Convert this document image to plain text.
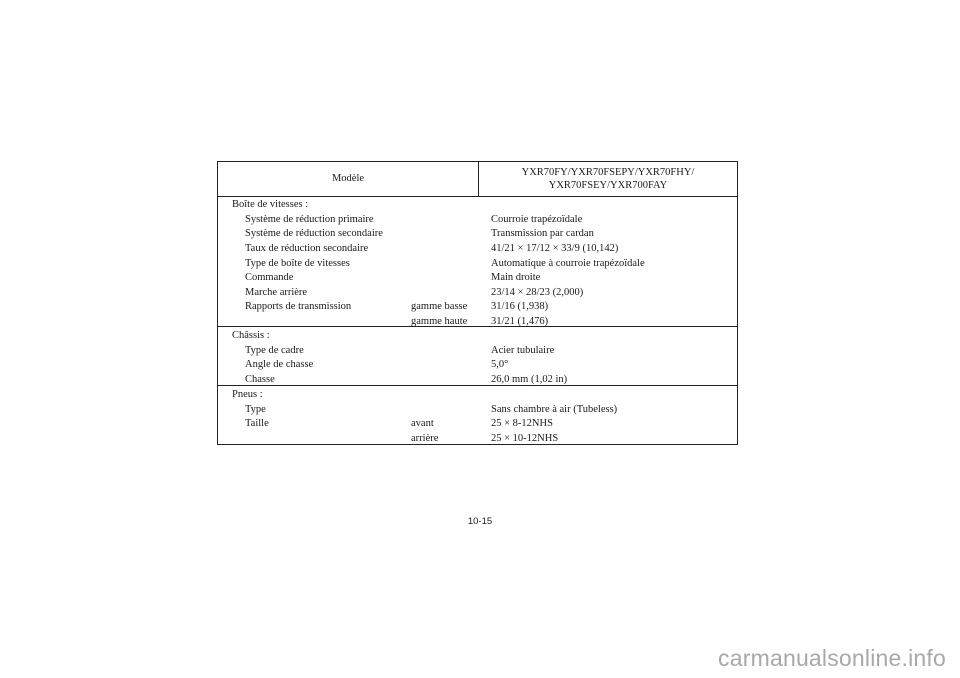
Modèle
YXR70FY/YXR70FSEPY/YXR70FHY/
YXR70FSEY/YXR700FAY
Boîte de vitesses :
Système de réduction primaire	Courroie trapézoïdale
Système de réduction secondaire	Transmission par cardan
Taux de réduction secondaire	41/21 × 17/12 × 33/9 (10,142)
Type de boîte de vitesses	Automatique à courroie trapézoïdale
Commande	Main droite
Marche arrière	23/14 × 28/23 (2,000)
Rapports de transmission	gamme basse 31/16 (1,938)
gamme haute 31/21 (1,476)
Châssis :
Type de cadre	Acier tubulaire
Angle de chasse	5,0°
Chasse	26,0 mm (1,02 in)
Pneus :
Type	Sans chambre à air (Tubeless)
Taille	avant	25 × 8-12NHS
arrière	25 × 10-12NHS
10-15
carmanualsonline.info
